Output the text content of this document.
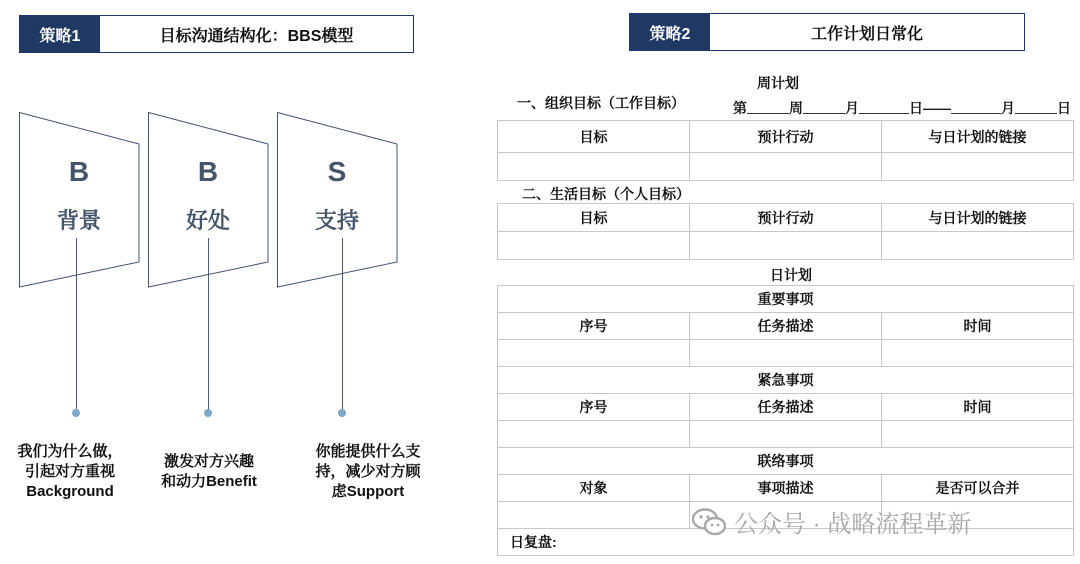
策略1	目标沟通结构化：BBS模型
B
背景
B
好处
S
支持
我们为什么做，
引起对方重视
Background
激发对方兴趣
和动力Benefit
你能提供什么支
持，减少对方顾
虑Support
策略2	工作计划日常化
周计划
一、组织目标（工作目标）	第	周	月	日——	月	日
目标	预计行动	与日计划的链接

二、生活目标（个人目标）
目标	预计行动	与日计划的链接

日计划
重要事项		
序号	任务描述	时间

紧急事项		
序号	任务描述	时间

联络事项		
对象	事项描述	是否可以合并

日复盘:		
公众号 · 战略流程革新
